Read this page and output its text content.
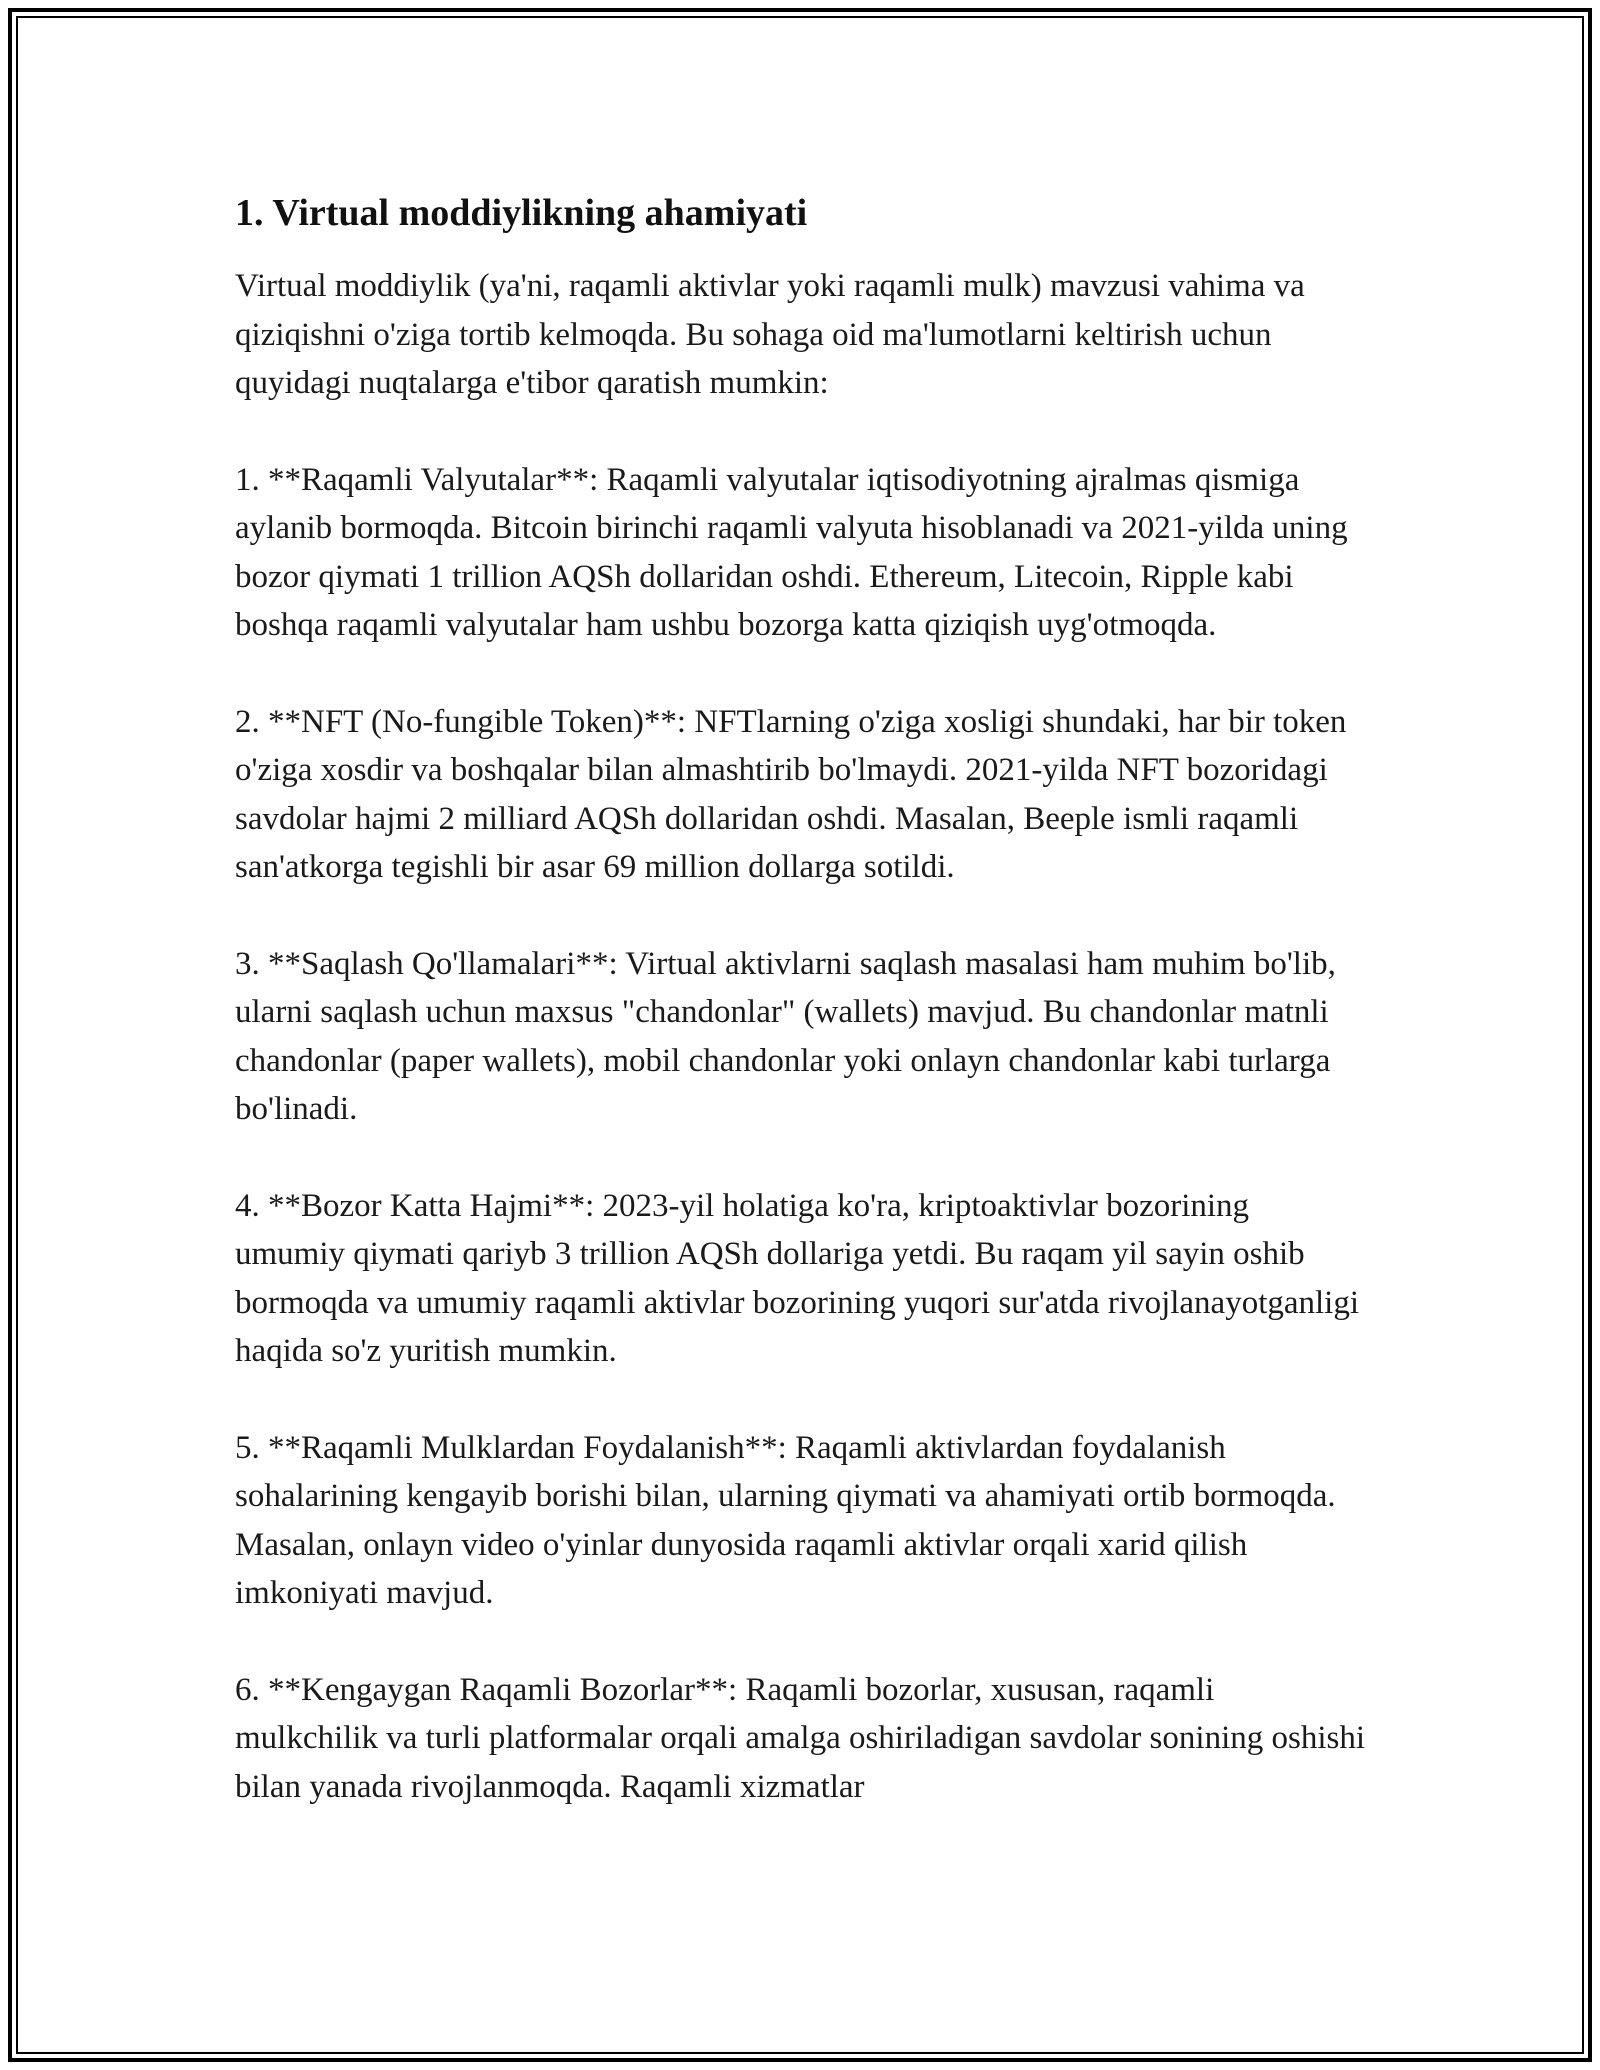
1. Virtual moddiylikning ahamiyati

Virtual moddiylik (ya'ni, raqamli aktivlar yoki raqamli mulk) mavzusi vahima va qiziqishni o'ziga tortib kelmoqda. Bu sohaga oid ma'lumotlarni keltirish uchun quyidagi nuqtalarga e'tibor qaratish mumkin:

1. **Raqamli Valyutalar**: Raqamli valyutalar iqtisodiyotning ajralmas qismiga aylanib bormoqda. Bitcoin birinchi raqamli valyuta hisoblanadi va 2021-yilda uning bozor qiymati 1 trillion AQSh dollaridan oshdi. Ethereum, Litecoin, Ripple kabi boshqa raqamli valyutalar ham ushbu bozorga katta qiziqish uyg'otmoqda.

2. **NFT (No-fungible Token)**: NFTlarning o'ziga xosligi shundaki, har bir token o'ziga xosdir va boshqalar bilan almashtirib bo'lmaydi. 2021-yilda NFT bozoridagi savdolar hajmi 2 milliard AQSh dollaridan oshdi. Masalan, Beeple ismli raqamli san'atkorga tegishli bir asar 69 million dollarga sotildi.

3. **Saqlash Qo'llamalari**: Virtual aktivlarni saqlash masalasi ham muhim bo'lib, ularni saqlash uchun maxsus "chandonlar" (wallets) mavjud. Bu chandonlar matnli chandonlar (paper wallets), mobil chandonlar yoki onlayn chandonlar kabi turlarga bo'linadi.

4. **Bozor Katta Hajmi**: 2023-yil holatiga ko'ra, kriptoaktivlar bozorining umumiy qiymati qariyb 3 trillion AQSh dollariga yetdi. Bu raqam yil sayin oshib bormoqda va umumiy raqamli aktivlar bozorining yuqori sur'atda rivojlanayotganligi haqida so'z yuritish mumkin.

5. **Raqamli Mulklardan Foydalanish**: Raqamli aktivlardan foydalanish sohalarining kengayib borishi bilan, ularning qiymati va ahamiyati ortib bormoqda. Masalan, onlayn video o'yinlar dunyosida raqamli aktivlar orqali xarid qilish imkoniyati mavjud.

6. **Kengaygan Raqamli Bozorlar**: Raqamli bozorlar, xususan, raqamli mulkchilik va turli platformalar orqali amalga oshiriladigan savdolar sonining oshishi bilan yanada rivojlanmoqda. Raqamli xizmatlar
